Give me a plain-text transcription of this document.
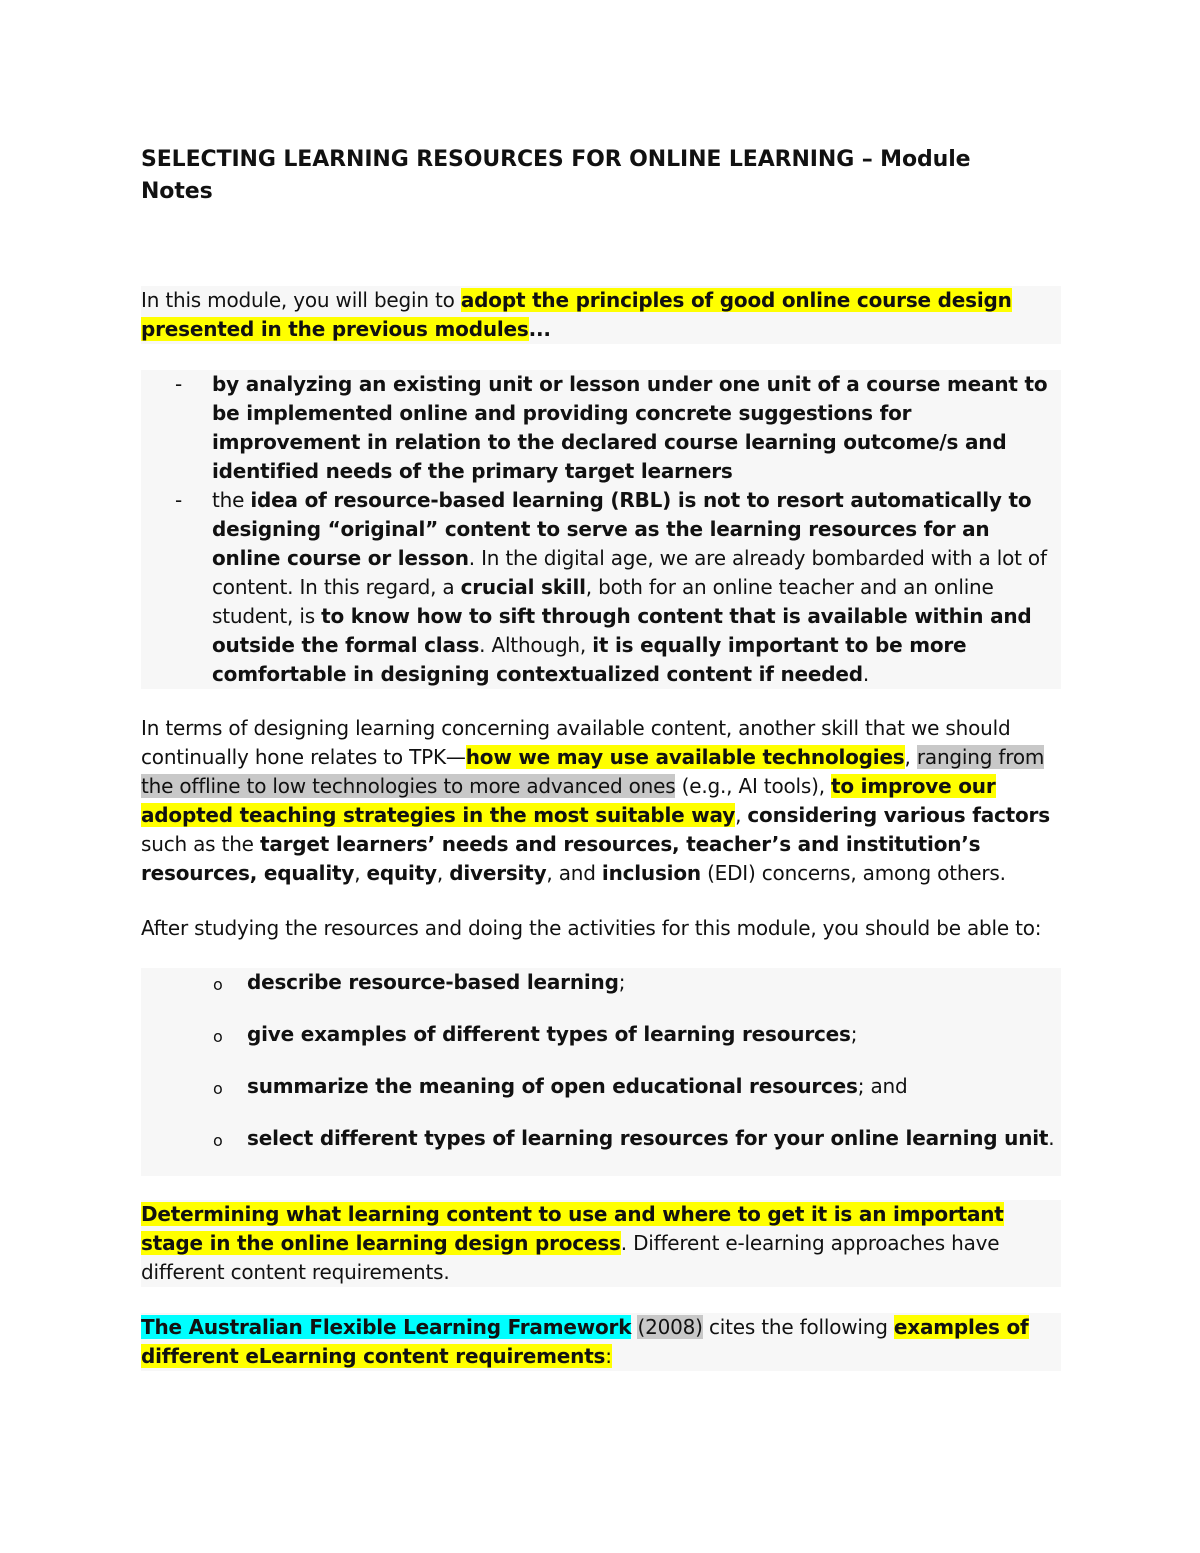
SELECTING LEARNING RESOURCES FOR ONLINE LEARNING – Module Notes
In this module, you will begin to adopt the principles of good online course design presented in the previous modules...
- by analyzing an existing unit or lesson under one unit of a course meant to be implemented online and providing concrete suggestions for improvement in relation to the declared course learning outcome/s and identified needs of the primary target learners
- the idea of resource-based learning (RBL) is not to resort automatically to designing “original” content to serve as the learning resources for an online course or lesson. In the digital age, we are already bombarded with a lot of content. In this regard, a crucial skill, both for an online teacher and an online student, is to know how to sift through content that is available within and outside the formal class. Although, it is equally important to be more comfortable in designing contextualized content if needed.
In terms of designing learning concerning available content, another skill that we should continually hone relates to TPK—how we may use available technologies, ranging from the offline to low technologies to more advanced ones (e.g., AI tools), to improve our adopted teaching strategies in the most suitable way, considering various factors such as the target learners’ needs and resources, teacher’s and institution’s resources, equality, equity, diversity, and inclusion (EDI) concerns, among others.
After studying the resources and doing the activities for this module, you should be able to:
o describe resource-based learning;
o give examples of different types of learning resources;
o summarize the meaning of open educational resources; and
o select different types of learning resources for your online learning unit.
Determining what learning content to use and where to get it is an important stage in the online learning design process. Different e-learning approaches have different content requirements.
The Australian Flexible Learning Framework (2008) cites the following examples of different eLearning content requirements:
